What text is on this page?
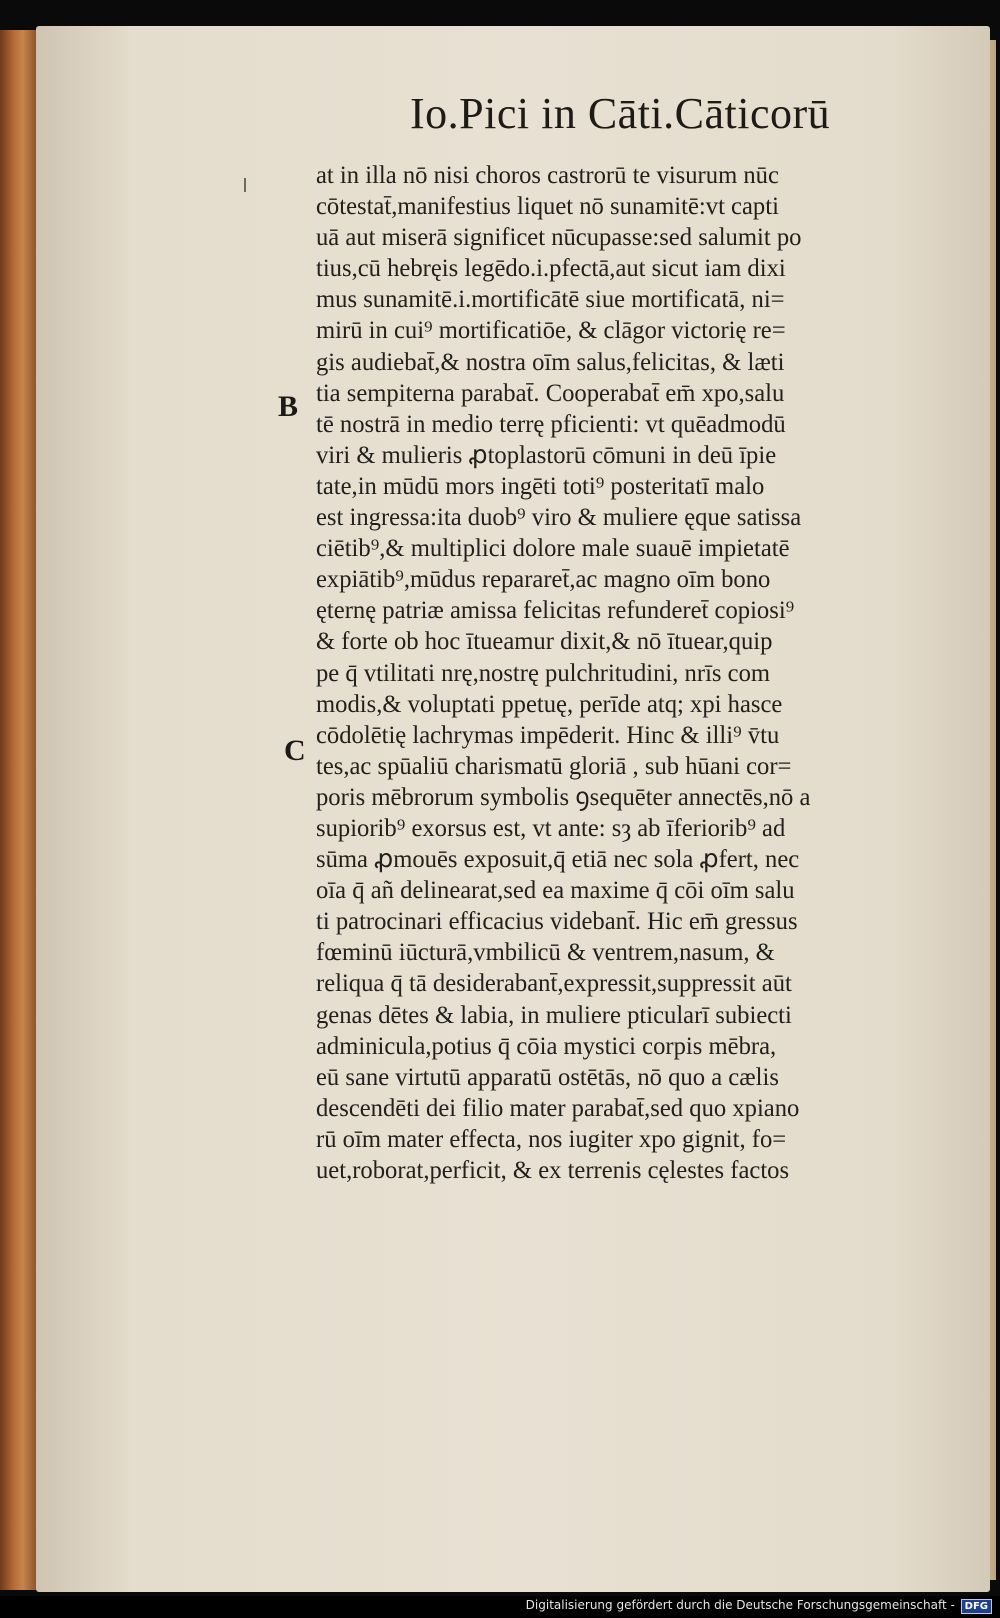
Io.Pici in Cāti.Cāticorū
B
C
at in illa nō nisi choros castrorū te visurum nūc
cōtestat̄,manifestius liquet nō sunamitē:vt capti
uā aut miserā significet nūcupasse:sed salumit po
tius,cū hebręis legēdo.i.pfectā,aut sicut iam dixi
mus sunamitē.i.mortificātē siue mortificatā, ni=
mirū in cui⁹ mortificatiōe, & clāgor victorię re=
gis audiebat̄,& nostra oīm salus,felicitas, & læti
tia sempiterna parabat̄. Cooperabat̄ em̄ xpo,salu
tē nostrā in medio terrę pficienti: vt quēadmodū
viri & mulieris ꝓtoplastorū cōmuni in deū īpie
tate,in mūdū mors ingēti toti⁹ posteritatī malo
est ingressa:ita duob⁹ viro & muliere ęque satissa
ciētib⁹,& multiplici dolore male suauē impietatē
expiātib⁹,mūdus repararet̄,ac magno oīm bono
ęternę patriæ amissa felicitas refunderet̄ copiosi⁹
& forte ob hoc ītueamur dixit,& nō ītuear,quip
pe q̄ vtilitati nrę,nostrę pulchritudini, nrīs com
modis,& voluptati ppetuę, perīde atq; xpi hasce
cōdolētię lachrymas impēderit. Hinc & illi⁹ v̄tu
tes,ac spūaliū charismatū gloriā , sub hūani cor=
poris mēbrorum symbolis ꝯsequēter annectēs,nō a
supiorib⁹ exorsus est, vt ante: sȝ ab īferiorib⁹ ad
sūma ꝓmouēs exposuit,q̄ etiā nec sola ꝓfert, nec
oīa q̄ añ delinearat,sed ea maxime q̄ cōi oīm salu
ti patrocinari efficacius videbant̄. Hic em̄ gressus
fœminū iūcturā,vmbilicū & ventrem,nasum, &
reliqua q̄ tā desiderabant̄,expressit,suppressit aūt
genas dētes & labia, in muliere pticularī subiecti
adminicula,potius q̄ cōia mystici corpis mēbra,
eū sane virtutū apparatū ostētās, nō quo a cælis
descendēti dei filio mater parabat̄,sed quo xpiano
rū oīm mater effecta, nos iugiter xpo gignit, fo=
uet,roborat,perficit, & ex terrenis cęlestes factos
Digitalisierung gefördert durch die Deutsche Forschungsgemeinschaft - DFG
